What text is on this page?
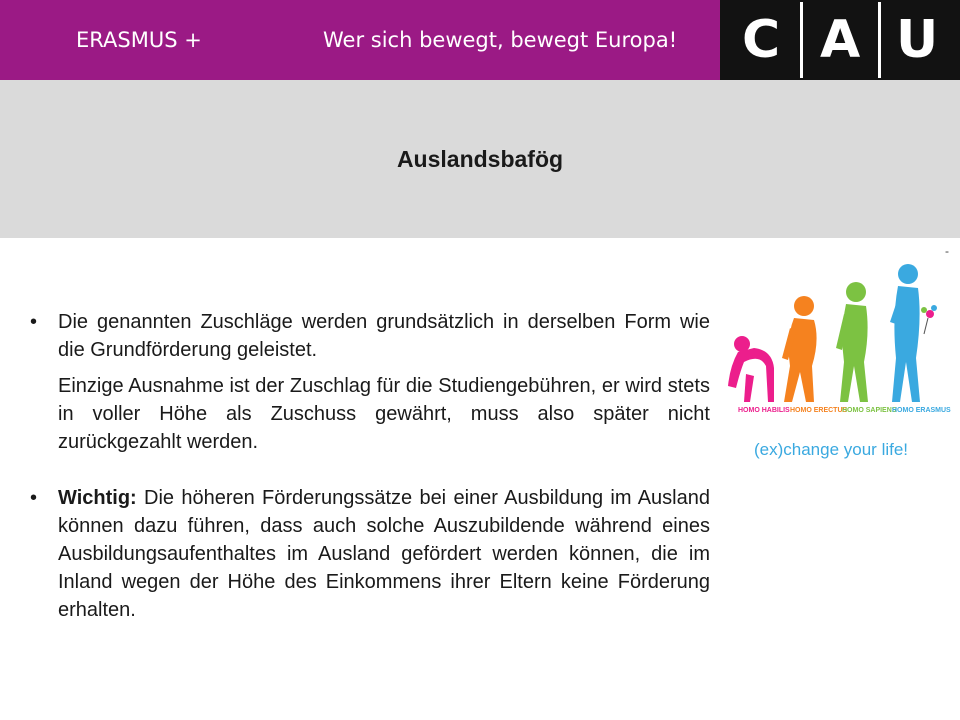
ERASMUS +	Wer sich bewegt, bewegt Europa! C A U
Auslandsbafög
• Die genannten Zuschläge werden grundsätzlich in derselben Form wie die Grundförderung geleistet.
Einzige Ausnahme ist der Zuschlag für die Studiengebühren, er wird stets in voller Höhe als Zuschuss gewährt, muss also später nicht zurückgezahlt werden.
• Wichtig: Die höheren Förderungssätze bei einer Ausbildung im Ausland können dazu führen, dass auch solche Auszubildende während eines Ausbildungsaufenthaltes im Ausland gefördert werden können, die im Inland wegen der Höhe des Einkommens ihrer Eltern keine Förderung erhalten.
-
HOMO HABILIS HOMO ERECTUS
HOMO SAPIENS
HOMO ERASMUS
(ex)change your life!
